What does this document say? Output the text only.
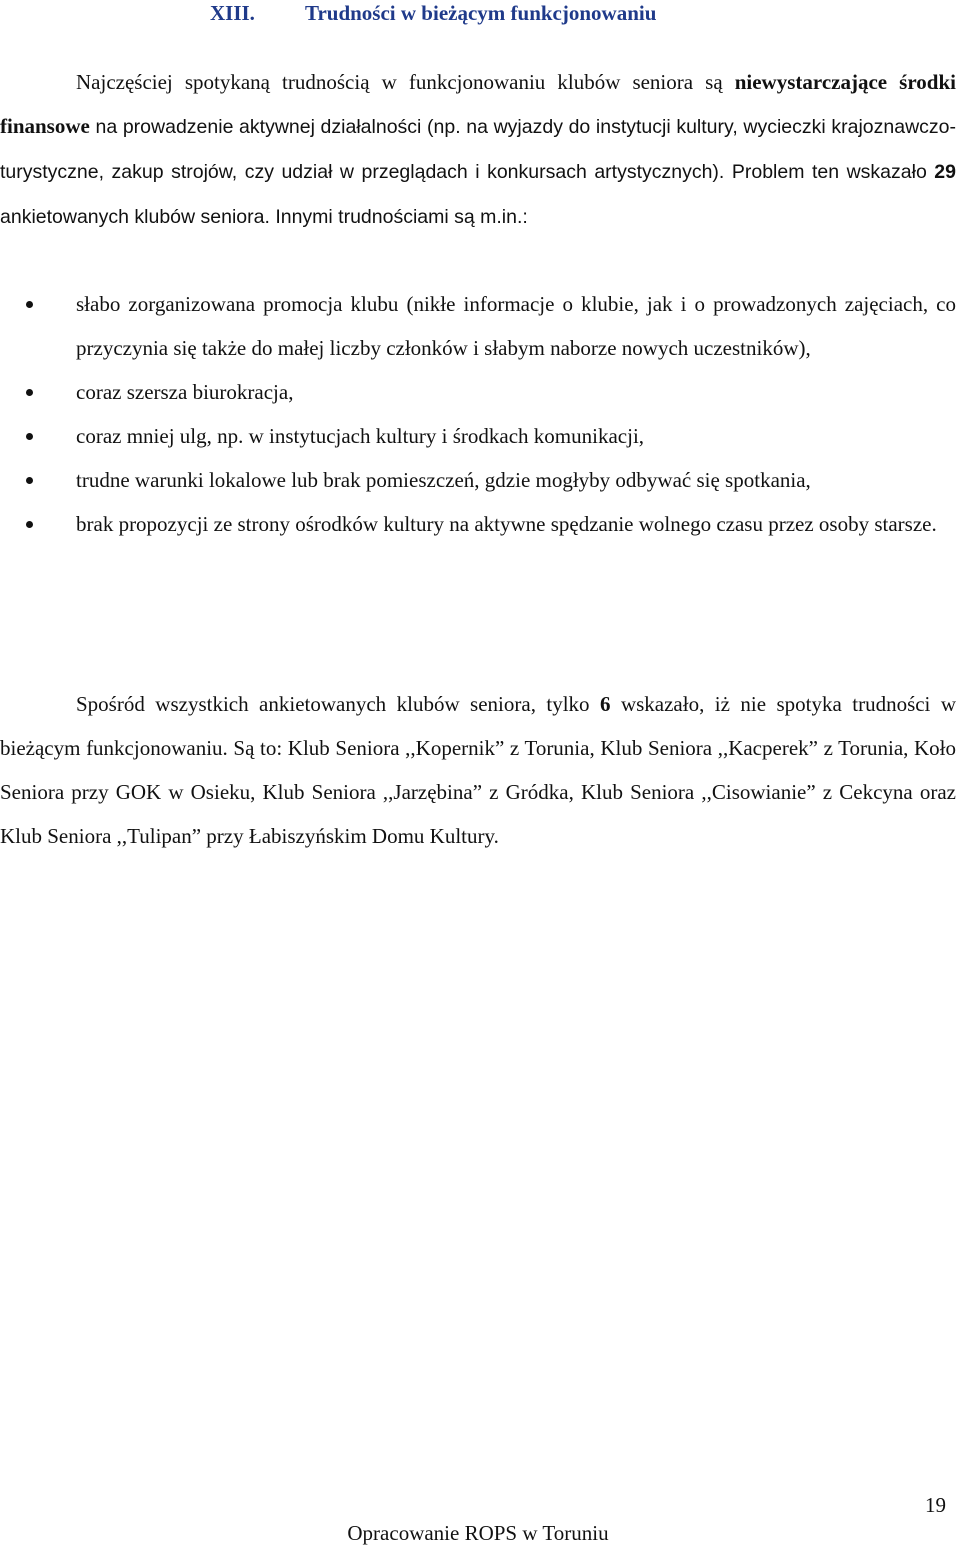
XIII. Trudności w bieżącym funkcjonowaniu

Najczęściej spotykaną trudnością w funkcjonowaniu klubów seniora są niewystarczające środki finansowe na prowadzenie aktywnej działalności (np. na wyjazdy do instytucji kultury, wycieczki krajoznawczo-turystyczne, zakup strojów, czy udział w przeglądach i konkursach artystycznych). Problem ten wskazało 29 ankietowanych klubów seniora. Innymi trudnościami są m.in.:

słabo zorganizowana promocja klubu (nikłe informacje o klubie, jak i o prowadzonych zajęciach, co przyczynia się także do małej liczby członków i słabym naborze nowych uczestników),
coraz szersza biurokracja,
coraz mniej ulg, np. w instytucjach kultury i środkach komunikacji,
trudne warunki lokalowe lub brak pomieszczeń, gdzie mogłyby odbywać się spotkania,
brak propozycji ze strony ośrodków kultury na aktywne spędzanie wolnego czasu przez osoby starsze.

Spośród wszystkich ankietowanych klubów seniora, tylko 6 wskazało, iż nie spotyka trudności w bieżącym funkcjonowaniu. Są to: Klub Seniora ,,Kopernik” z Torunia, Klub Seniora ,,Kacperek” z Torunia, Koło Seniora przy GOK w Osieku, Klub Seniora ,,Jarzębina” z Gródka, Klub Seniora ,,Cisowianie” z Cekcyna oraz Klub Seniora ,,Tulipan” przy Łabiszyńskim Domu Kultury.

19
Opracowanie ROPS w Toruniu
